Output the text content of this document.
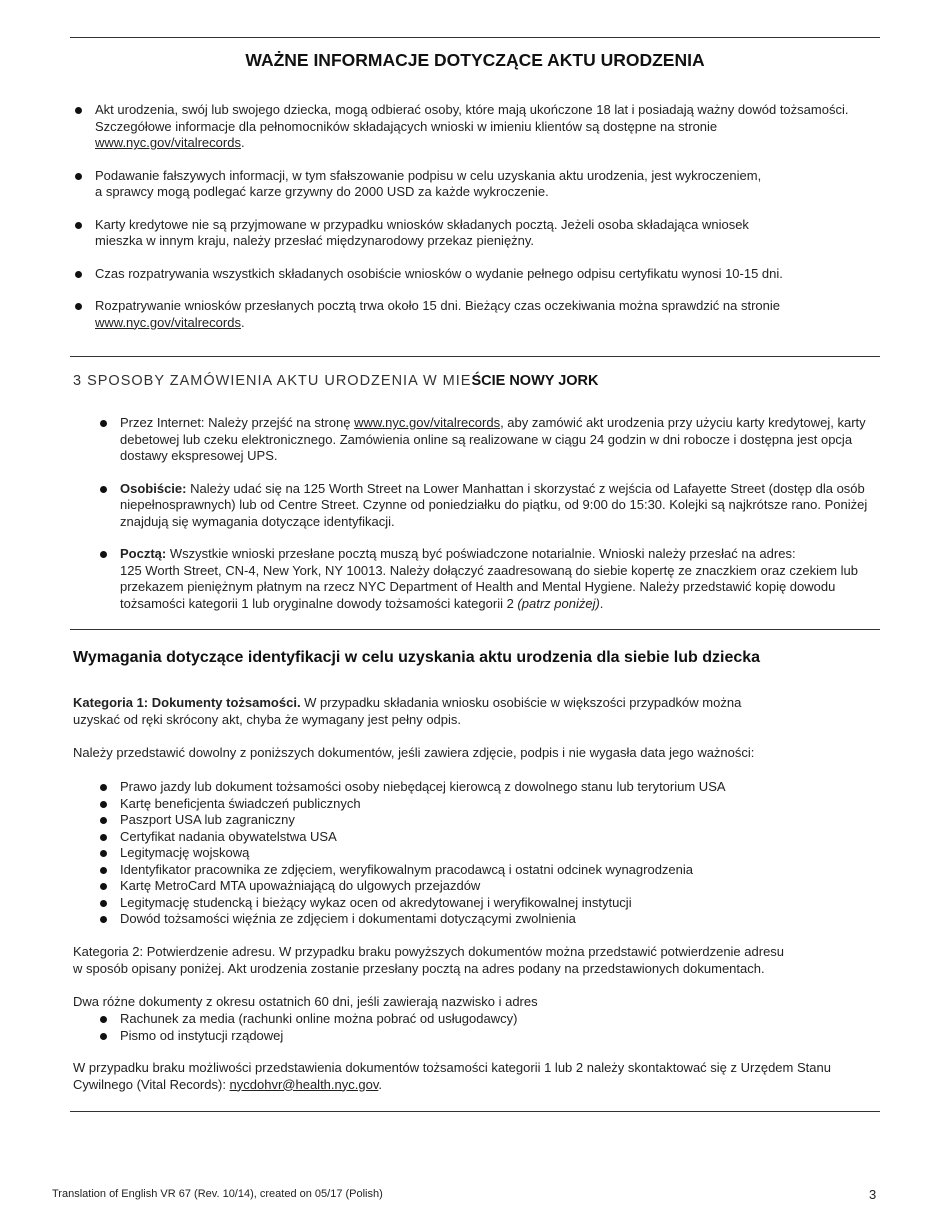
WAŻNE INFORMACJE DOTYCZĄCE AKTU URODZENIA
Akt urodzenia, swój lub swojego dziecka, mogą odbierać osoby, które mają ukończone 18 lat i posiadają ważny dowód tożsamości. Szczegółowe informacje dla pełnomocników składających wnioski w imieniu klientów są dostępne na stronie www.nyc.gov/vitalrecords.
Podawanie fałszywych informacji, w tym sfałszowanie podpisu w celu uzyskania aktu urodzenia, jest wykroczeniem,
a sprawcy mogą podlegać karze grzywny do 2000 USD za każde wykroczenie.
Karty kredytowe nie są przyjmowane w przypadku wniosków składanych pocztą. Jeżeli osoba składająca wniosek
mieszka w innym kraju, należy przesłać międzynarodowy przekaz pieniężny.
Czas rozpatrywania wszystkich składanych osobiście wniosków o wydanie pełnego odpisu certyfikatu wynosi 10-15 dni.
Rozpatrywanie wniosków przesłanych pocztą trwa około 15 dni. Bieżący czas oczekiwania można sprawdzić na stronie www.nyc.gov/vitalrecords.
3 SPOSOBY ZAMÓWIENIA AKTU URODZENIA W MIEŚCIE NOWY JORK
Przez Internet: Należy przejść na stronę www.nyc.gov/vitalrecords, aby zamówić akt urodzenia przy użyciu karty kredytowej, karty debetowej lub czeku elektronicznego. Zamówienia online są realizowane w ciągu 24 godzin w dni robocze i dostępna jest opcja dostawy ekspresowej UPS.
Osobiście: Należy udać się na 125 Worth Street na Lower Manhattan i skorzystać z wejścia od Lafayette Street (dostęp dla osób niepełnosprawnych) lub od Centre Street. Czynne od poniedziałku do piątku, od 9:00 do 15:30. Kolejki są najkrótsze rano. Poniżej znajdują się wymagania dotyczące identyfikacji.
Pocztą: Wszystkie wnioski przesłane pocztą muszą być poświadczone notarialnie. Wnioski należy przesłać na adres:
125 Worth Street, CN-4, New York, NY 10013. Należy dołączyć zaadresowaną do siebie kopertę ze znaczkiem oraz czekiem lub przekazem pieniężnym płatnym na rzecz NYC Department of Health and Mental Hygiene. Należy przedstawić kopię dowodu tożsamości kategorii 1 lub oryginalne dowody tożsamości kategorii 2 (patrz poniżej).
Wymagania dotyczące identyfikacji w celu uzyskania aktu urodzenia dla siebie lub dziecka

Kategoria 1: Dokumenty tożsamości. W przypadku składania wniosku osobiście w większości przypadków można
uzyskać od ręki skrócony akt, chyba że wymagany jest pełny odpis.

Należy przedstawić dowolny z poniższych dokumentów, jeśli zawiera zdjęcie, podpis i nie wygasła data jego ważności:

Prawo jazdy lub dokument tożsamości osoby niebędącej kierowcą z dowolnego stanu lub terytorium USA
Kartę beneficjenta świadczeń publicznych
Paszport USA lub zagraniczny
Certyfikat nadania obywatelstwa USA
Legitymację wojskową
Identyfikator pracownika ze zdjęciem, weryfikowalnym pracodawcą i ostatni odcinek wynagrodzenia
Kartę MetroCard MTA upoważniającą do ulgowych przejazdów
Legitymację studencką i bieżący wykaz ocen od akredytowanej i weryfikowalnej instytucji
Dowód tożsamości więźnia ze zdjęciem i dokumentami dotyczącymi zwolnienia

Kategoria 2: Potwierdzenie adresu. W przypadku braku powyższych dokumentów można przedstawić potwierdzenie adresu
w sposób opisany poniżej. Akt urodzenia zostanie przesłany pocztą na adres podany na przedstawionych dokumentach.

Dwa różne dokumenty z okresu ostatnich 60 dni, jeśli zawierają nazwisko i adres

Rachunek za media (rachunki online można pobrać od usługodawcy)
Pismo od instytucji rządowej

W przypadku braku możliwości przedstawienia dokumentów tożsamości kategorii 1 lub 2 należy skontaktować się z Urzędem Stanu Cywilnego (Vital Records): nycdohvr@health.nyc.gov.

Translation of English VR 67 (Rev. 10/14), created on 05/17 (Polish)	3
